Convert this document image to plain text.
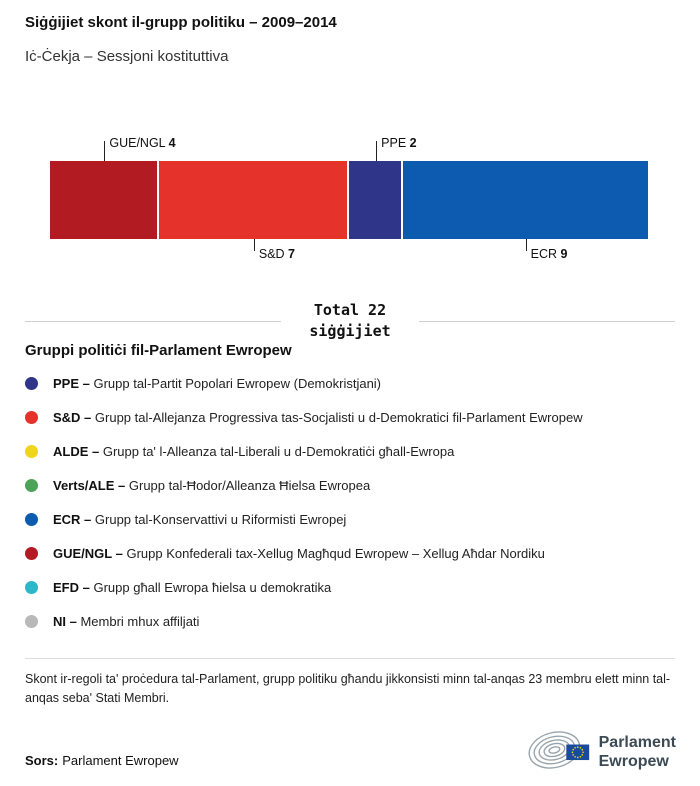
Siġġijiet skont il-grupp politiku – 2009–2014
Iċ-Ċekja – Sessjoni kostituttiva
GUE/NGL 4
S&D 7
PPE 2
ECR 9
Total 22
siġġijiet
Gruppi politiċi fil-Parlament Ewropew
PPE – Grupp tal-Partit Popolari Ewropew (Demokristjani)
S&D – Grupp tal-Allejanza Progressiva tas-Socjalisti u d-Demokratici fil-Parlament Ewropew
ALDE – Grupp ta' l-Alleanza tal-Liberali u d-Demokratiċi għall-Ewropa
Verts/ALE – Grupp tal-Ħodor/Alleanza Ħielsa Ewropea
ECR – Grupp tal-Konservattivi u Riformisti Ewropej
GUE/NGL – Grupp Konfederali tax-Xellug Magħqud Ewropew – Xellug Aħdar Nordiku
EFD – Grupp għall Ewropa ħielsa u demokratika
NI – Membri mhux affiljati
Skont ir-regoli ta' proċedura tal-Parlament, grupp politiku għandu jikkonsisti minn tal-anqas 23 membru elett minn tal-anqas seba' Stati Membri.
Sors: Parlament Ewropew
Parlament
Ewropew
